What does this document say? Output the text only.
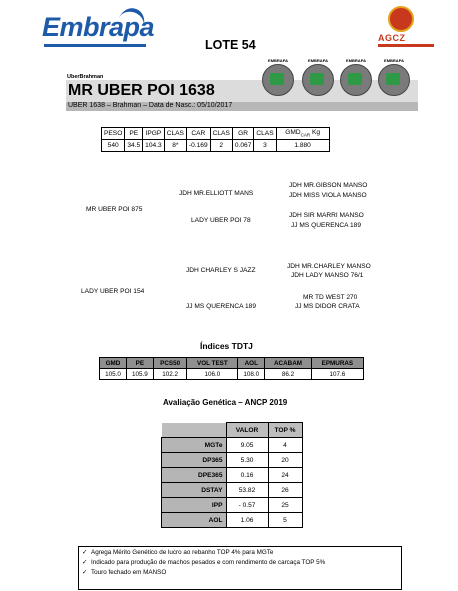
Embrapa	AGCZ
LOTE 54
UberBrahman
MR UBER POI 1638
UBER 1638 – Brahman – Data de Nasc.: 05/10/2017
EMBRAPA	EMBRAPA	EMBRAPA	EMBRAPA
PESO	PE	IPGP	CLAS	CAR	CLAS	GR	CLAS	$GMD_{CAR}$ Kg
540	34.5	104.3	8*	-0.169	2	0.067	3	1.880
MR UBER POI 875
JDH MR.ELLIOTT MANS
LADY UBER POI 78
JDH MR.GIBSON MANSO
JDH MISS VIOLA MANSO
JDH SIR MARRI MANSO
JJ MS QUERENCA 189
LADY UBER POI 154
JDH CHARLEY S JAZZ
JJ MS QUERENCA 189
JDH MR.CHARLEY MANSO
JDH LADY MANSO 76/1
MR TD WEST 270
JJ MS DIDOR CRATA
Índices TDTJ
GMD	PE	PCS50	VOL TEST	AOL	ACABAM	EPMURAS
105.0	105.9	102.2	106.0	108.0	86.2	107.6
Avaliação Genética – ANCP 2019
	VALOR	TOP %
MGTe	9.05	4
DP365	5.30	20
DPE365	0.16	24
DSTAY	53.82	26
IPP	- 0.57	25
AOL	1.06	5
✓ Agrega Mérito Genético de lucro ao rebanho TOP 4% para MGTe
✓ Indicado para produção de machos pesados e com rendimento de carcaça TOP 5%
✓ Touro fechado em MANSO
